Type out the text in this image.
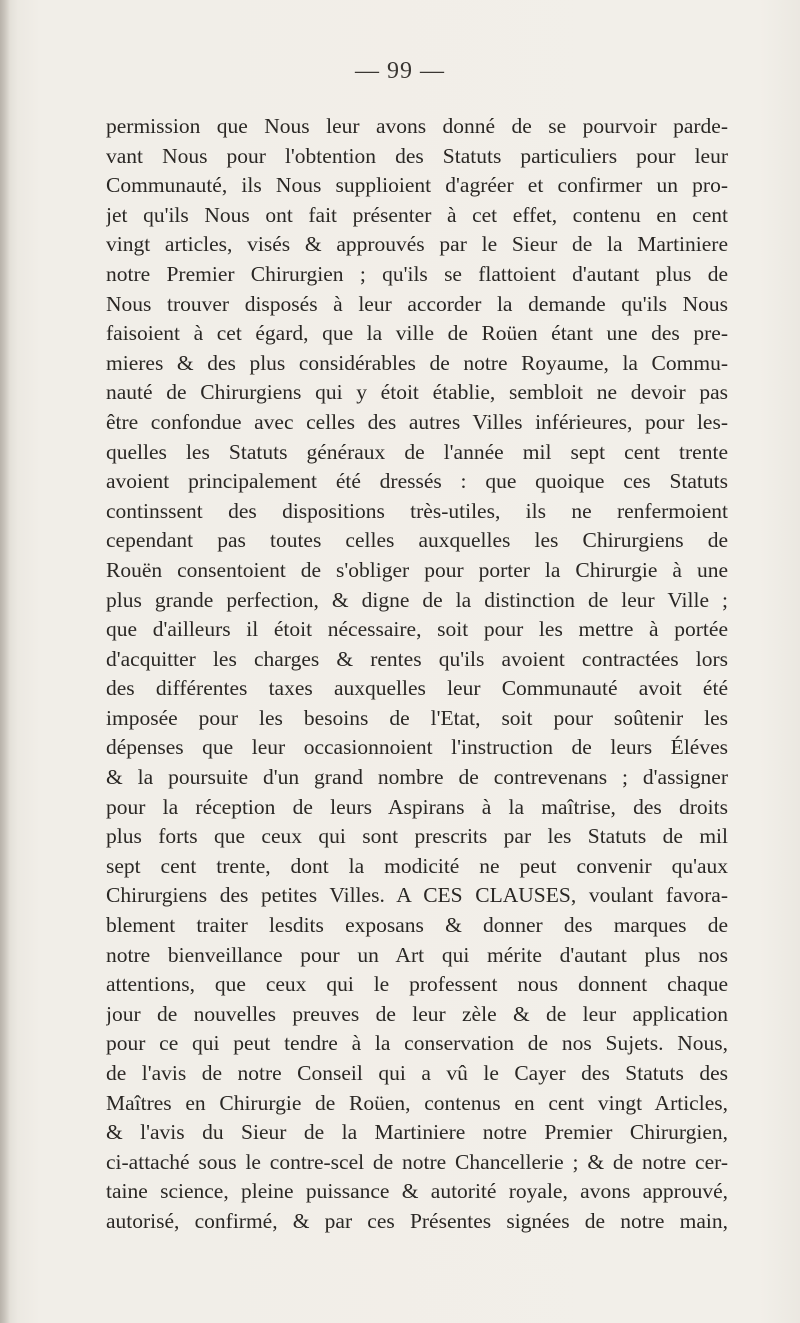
— 99 —
permission que Nous leur avons donné de se pourvoir parde-
vant Nous pour l'obtention des Statuts particuliers pour leur
Communauté, ils Nous supplioient d'agréer et confirmer un pro-
jet qu'ils Nous ont fait présenter à cet effet, contenu en cent
vingt articles, visés & approuvés par le Sieur de la Martiniere
notre Premier Chirurgien ; qu'ils se flattoient d'autant plus de
Nous trouver disposés à leur accorder la demande qu'ils Nous
faisoient à cet égard, que la ville de Roüen étant une des pre-
mieres & des plus considérables de notre Royaume, la Commu-
nauté de Chirurgiens qui y étoit établie, sembloit ne devoir pas
être confondue avec celles des autres Villes inférieures, pour les-
quelles les Statuts généraux de l'année mil sept cent trente
avoient principalement été dressés : que quoique ces Statuts
continssent des dispositions très-utiles, ils ne renfermoient
cependant pas toutes celles auxquelles les Chirurgiens de
Rouën consentoient de s'obliger pour porter la Chirurgie à une
plus grande perfection, & digne de la distinction de leur Ville ;
que d'ailleurs il étoit nécessaire, soit pour les mettre à portée
d'acquitter les charges & rentes qu'ils avoient contractées lors
des différentes taxes auxquelles leur Communauté avoit été
imposée pour les besoins de l'Etat, soit pour soûtenir les
dépenses que leur occasionnoient l'instruction de leurs Éléves
& la poursuite d'un grand nombre de contrevenans ; d'assigner
pour la réception de leurs Aspirans à la maîtrise, des droits
plus forts que ceux qui sont prescrits par les Statuts de mil
sept cent trente, dont la modicité ne peut convenir qu'aux
Chirurgiens des petites Villes. A CES CLAUSES, voulant favora-
blement traiter lesdits exposans & donner des marques de
notre bienveillance pour un Art qui mérite d'autant plus nos
attentions, que ceux qui le professent nous donnent chaque
jour de nouvelles preuves de leur zèle & de leur application
pour ce qui peut tendre à la conservation de nos Sujets. Nous,
de l'avis de notre Conseil qui a vû le Cayer des Statuts des
Maîtres en Chirurgie de Roüen, contenus en cent vingt Articles,
& l'avis du Sieur de la Martiniere notre Premier Chirurgien,
ci-attaché sous le contre-scel de notre Chancellerie ; & de notre cer-
taine science, pleine puissance & autorité royale, avons approuvé,
autorisé, confirmé, & par ces Présentes signées de notre main,
